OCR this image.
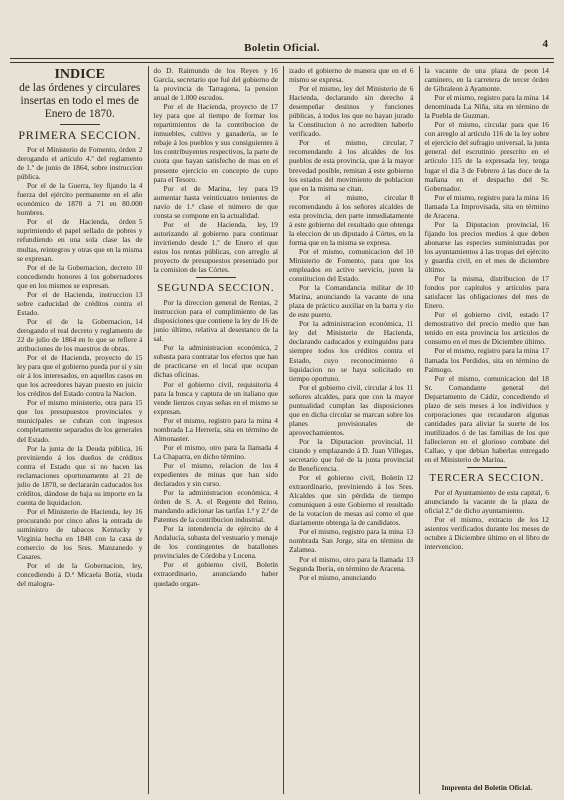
Boletin Oficial.	4
INDICE
de las órdenes y circulares insertas en todo el mes de Enero de 1870.
PRIMERA SECCION.

2
Por el Ministerio de Fomento, órden derogando el artículo 4.º del reglamento de 1.º de junio de 1864, sobre instruccion pública.

4
Por el de la Guerra, ley fijando la fuerza del ejército permanente en el año económico de 1870 á 71 en 80.000 hombres.

5
Por el de Hacienda, órden suprimiendo el papel sellado de pobres y refundiendo en una sola clase las de multas, reintegros y otras que en la misma se expresan.

10
Por el de la Gobernacion, decreto concediendo honores á los gobernadores que en los mismos se expresan.

13
Por el de Hacienda, instruccion sobre caducidad de créditos contra el Estado.

14
Por el de la Gobernacion, derogando el real decreto y reglamento de 22 de julio de 1864 en lo que se refiere á atribuciones de los maestros de obras.

15
Por el de Hacienda, proyecto de ley para que el gobierno pueda por sí y sin oir á los interesados, en aquellos casos en que los acreedores hayan puesto en juicio los créditos del Estado contra la Nacion.

15
Por el mismo ministerio, otra para que los presupuestos provinciales y municipales se cubran con ingresos completamente separados de los generales del Estado.

16
Por la junta de la Deuda pública, previniendo á los dueños de créditos contra el Estado que si no hacen las reclamaciones oportunamente al 21 de julio de 1870, se declararán caducados los créditos, dándose de baja su importe en la cuenta de liquidacion.

16
Por el Ministerio de Hacienda, ley procurando por cinco años la entrada de suministro de tabacos Kentucky y Virginia hecha en 1848 con la casa de comercio de los Sres. Manzanedo y Casares.

Por el de la Gobernacion, ley, concediendo á D.ª Micaela Botia, viuda del malogra-

16
do D. Raimundo de los Reyes y García, secretario que fué del gobierno de la provincia de Tarragona, la pension anual de 1.000 escudos.

17
Por el de Hacienda, proyecto de ley para que al tiempo de formar los repartimientos de la contribucion de inmuebles, cultivo y ganadería, se le rebaje á los pueblos y sus consiguientes á los contribuyentes respectivos, la parte de cuota que hayan satisfecho de mas en el presente ejercicio en concepto de cupo para el Tesoro.

19
Por el de Marina, ley para aumentar hasta veinticuatro tenientes de navío de 1.ª clase el número de que consta se compone en la actualidad.

19
Por el de Hacienda, ley, autorizando al gobierno para continuar invirtiendo desde 1.º de Enero el que estos los rentas públicas, con arreglo al proyecto de presupuestos presentado por la comision de las Córtes.

SEGUNDA SECCION.

2
Por la direccion general de Rentas, instruccion para el cumplimiento de las disposiciones que contiene la ley de 16 de junio último, relativa al desestanco de la sal.

2
Por la administracion económica, subasta para contratar los efectos que han de practicarse en el local que ocupan dichas oficinas.

4
Por el gobierno civil, requisitoria para la busca y captura de un italiano que vende lienzos cuyas señas en el mismo se expresan.

4
Por el mismo, registro para la mina nombrada La Herrería, sita en término de Almonaster.

4
Por el mismo, otro para la llamada La Chaparra, en dicho término.

4
Por el mismo, relacion de los expedientes de minas que han sido declarados y sin curso.

4
Por la administracion económica, órden de S. A. el Regente del Reino, mandando adicionar las tarifas 1.ª y 2.ª de Patentes de la contribucion industrial.

4
Por la intendencia de ejército de Andalucía, subasta del vestuario y menaje de los contingentes de batallones provinciales de Córdoba y Lucena.

Por el gobierno civil, Boletín extraordinario, anunciando haber quedado organ-

6
izado el gobierno de manera que en el mismo se expresa.

6
Por el mismo, ley del Ministerio de Hacienda, declarando sin derecho á desempeñar destinos y funciones públicas, á todos los que no hayan jurado la Constitucion ó no acrediten haberlo verificado.

7
Por el mismo, circular, recomendando á los alcaldes de los pueblos de esta provincia, que á la mayor brevedad posible, remitan á este gobierno los estados del movimiento de poblacion que en la misma se citan.

8
Por el mismo, circular recomendando á los señores alcaldes de esta provincia, den parte inmediatamente á este gobierno del resultado que obtenga la eleccion de un diputado á Córtes, en la forma que en la misma se expresa.

10
Por el mismo, comunicacion del Ministerio de Fomento, para que los empleados en activo servicio, juren la constitucion del Estado.

10
Por la Comandancia militar de Marina, anunciando la vacante de una plaza de práctico auxiliar en la barra y rio de este puerto.

11
Por la administracion económica, ley del Ministerio de Hacienda, declarando caducados y extinguidos para siempre todos los créditos contra el Estado, cuyo reconocimiento ó liquidacion no se haya solicitado en tiempo oportuno.

11
Por el gobierno civil, circular á los señores alcaldes, para que con la mayor puntualidad cumplan las disposiciones que en dicha circular se marcan sobre los planes provisionales de aprovechamientos.

11
Por la Diputacion provincial, citando y emplazando á D. Juan Villegas, secretario que fué de la junta provincial de Beneficencia.

12
Por el gobierno civil, Boletín extraordinario, previniendo á los Sres. Alcaldes que sin pérdida de tiempo comuniquen á este Gobierno el resultado de la votacion de mesas así como el que diariamente obtenga la de candidatos.

13
Por el mismo, registro para la mina nombrada San Jorge, sita en término de Zalamea.

13
Por el mismo, otro para la llamada Segunda Iberia, en término de Aracena.

Por el mismo, anunciando

14
la vacante de una plaza de peon caminero, en la carretera de tercer órden de Gibraleon á Ayamonte.

14
Por el mismo, registro para la mina denominada La Niña, sita en término de la Puebla de Guzman.

16
Por el mismo, circular para que con arreglo al artículo 116 de la ley sobre el ejercicio del sufragio universal, la junta general del escrutinio prescrito en el artículo 115 de la expresada ley, tenga lugar el dia 3 de Febrero á las doce de la mañana en el despacho del Sr. Gobernador.

16
Por el mismo, registro para la mina llamada La Improvisada, sita en término de Aracena.

16
Por la Diputacion provincial, fijando los precios medios á que deben abonarse las especies suministradas por los ayuntamientos á las tropas del ejército y guardia civil, en el mes de diciembre último.

17
Por la misma, distribucion de fondos por capítulos y artículos para satisfacer las obligaciones del mes de Enero.

17
Por el gobierno civil, estado demostrativo del precio medio que han tenido en esta provincia los artículos de consumo en el mes de Diciembre último.

17
Por el mismo, registro para la mina llamada los Perdidos, sita en término de Paimogo.

18
Por el mismo, comunicacion del Sr. Comandante general del Departamento de Cádiz, concediendo el plazo de seis meses á los individuos y corporaciones que recaudaron algunas cantidades para aliviar la suerte de los inutilizados ó de las familias de los que fallecieron en el glorioso combate del Callao, y que debian haberlas entregado en el Ministerio de Marina.

TERCERA SECCION.

6
Por el Ayuntamiento de esta capital, anunciando la vacante de la plaza de oficial 2.º de dicho ayuntamiento.

12
Por el mismo, extracto de los asientos verificados durante los meses de octubre á Diciembre último en el libro de intervencion.

Imprenta del Boletin Oficial.
